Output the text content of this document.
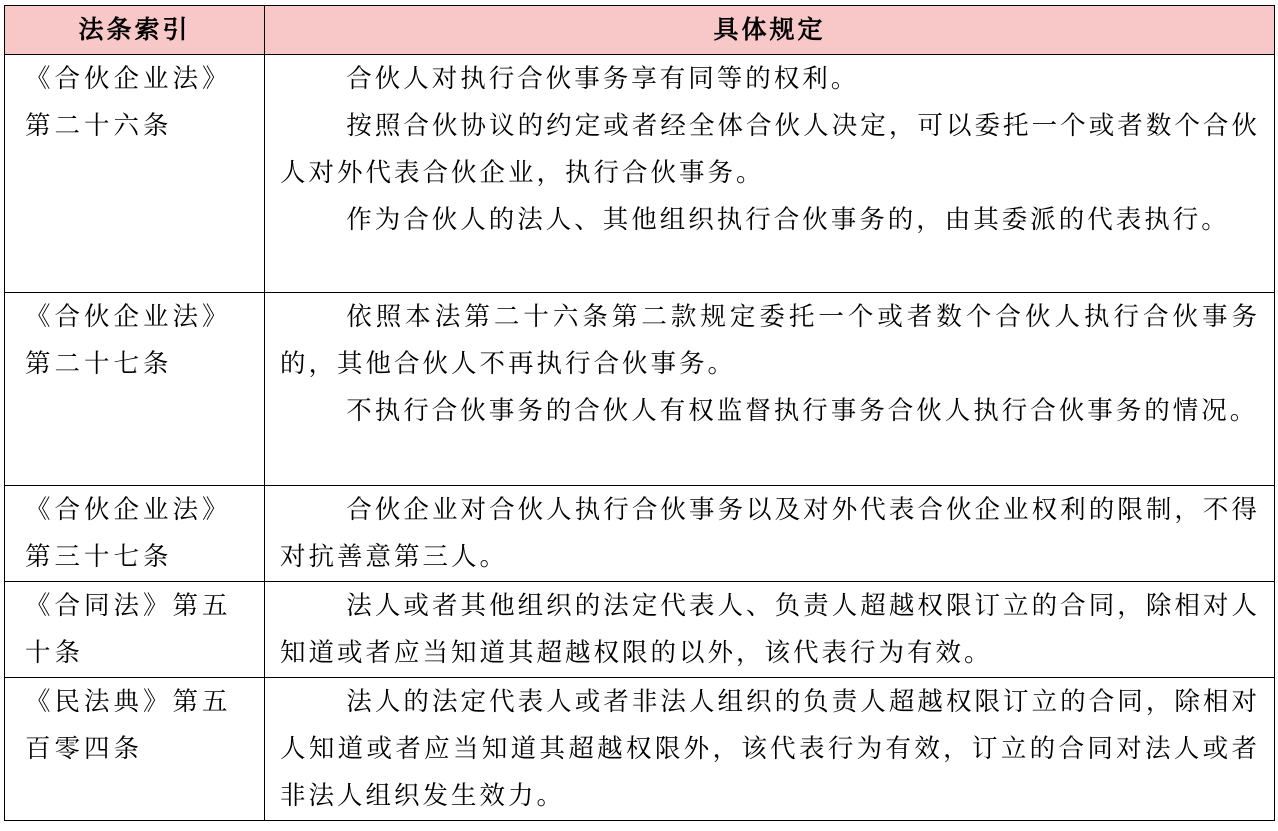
法条索引	具体规定

《合伙企业法》第二十六条	合伙人对执行合伙事务享有同等的权利。

按照合伙协议的约定或者经全体合伙人决定，可以委托一个或者数个合伙人对外代表合伙企业，执行合伙事务。

作为合伙人的法人、其他组织执行合伙事务的，由其委派的代表执行。

《合伙企业法》第二十七条	依照本法第二十六条第二款规定委托一个或者数个合伙人执行合伙事务的，其他合伙人不再执行合伙事务。

不执行合伙事务的合伙人有权监督执行事务合伙人执行合伙事务的情况。

《合伙企业法》第三十七条	合伙企业对合伙人执行合伙事务以及对外代表合伙企业权利的限制，不得对抗善意第三人。

《合同法》第五十条	法人或者其他组织的法定代表人、负责人超越权限订立的合同，除相对人知道或者应当知道其超越权限的以外，该代表行为有效。

《民法典》第五百零四条	法人的法定代表人或者非法人组织的负责人超越权限订立的合同，除相对人知道或者应当知道其超越权限外，该代表行为有效，订立的合同对法人或者非法人组织发生效力。
